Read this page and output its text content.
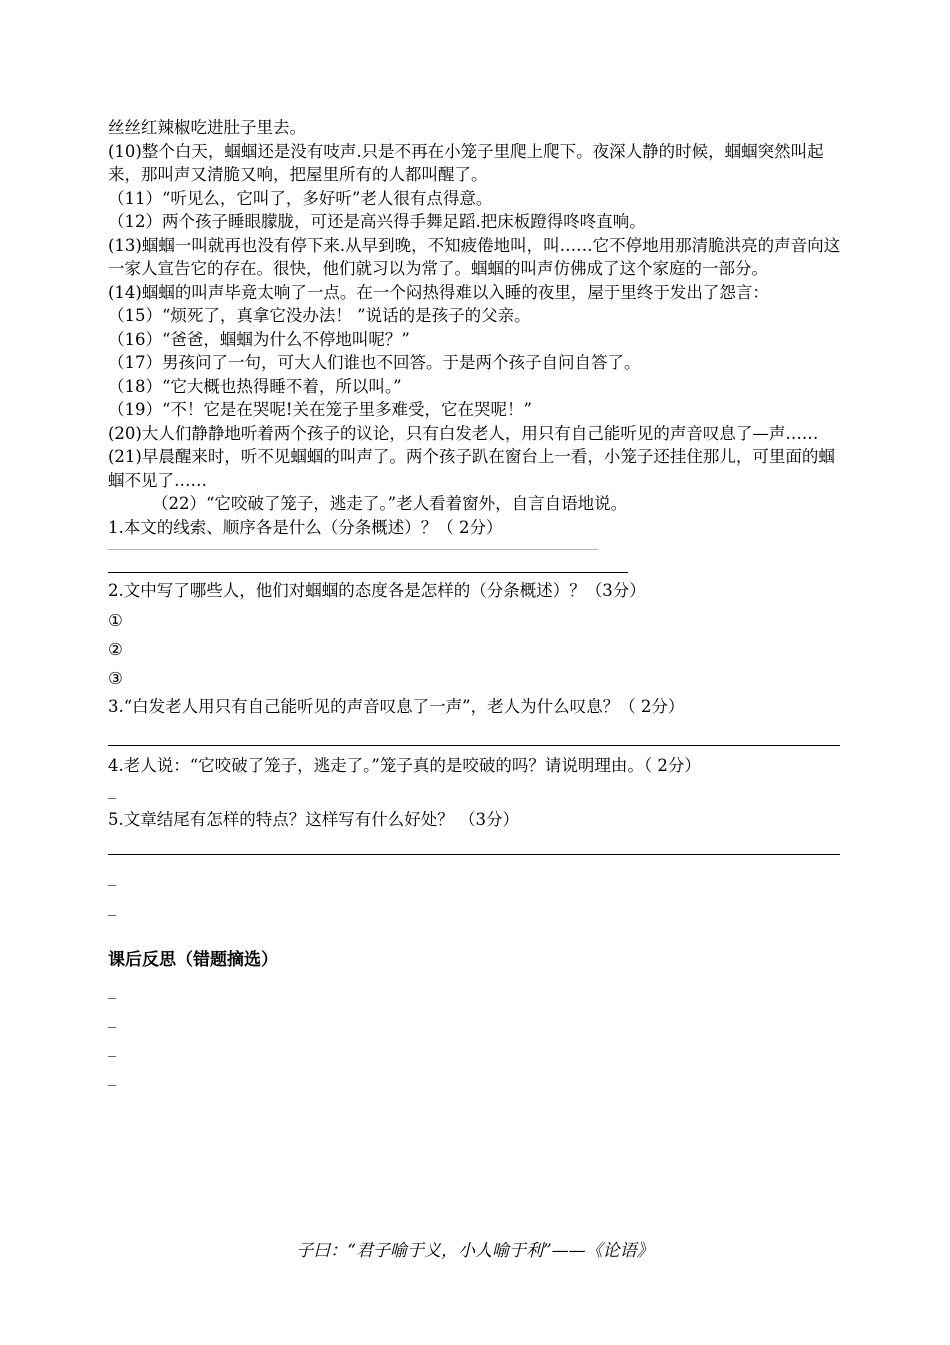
丝丝红辣椒吃进肚子里去。

(10)整个白天，蝈蝈还是没有吱声.只是不再在小笼子里爬上爬下。夜深人静的时候，蝈蝈突然叫起来，那叫声又清脆又响，把屋里所有的人都叫醒了。

（11）“听见么，它叫了，多好听”老人很有点得意。

（12）两个孩子睡眼朦胧，可还是高兴得手舞足蹈.把床板蹬得咚咚直响。

(13)蝈蝈一叫就再也没有停下来.从早到晚，不知疲倦地叫，叫……它不停地用那清脆洪亮的声音向这一家人宣告它的存在。很快，他们就习以为常了。蝈蝈的叫声仿佛成了这个家庭的一部分。

(14)蝈蝈的叫声毕竟太响了一点。在一个闷热得难以入睡的夜里，屋于里终于发出了怨言：

（15）“烦死了，真拿它没办法！ ”说话的是孩子的父亲。

（16）“爸爸，蝈蝈为什么不停地叫呢？”

（17）男孩问了一句，可大人们谁也不回答。于是两个孩子自问自答了。

（18）“它大概也热得睡不着，所以叫。”

（19）“不！它是在哭呢!关在笼子里多难受，它在哭呢！”

(20)大人们静静地听着两个孩子的议论，只有白发老人，用只有自己能听见的声音叹息了—声……

(21)早晨醒来时，听不见蝈蝈的叫声了。两个孩子趴在窗台上一看，小笼子还挂住那儿，可里面的蝈蝈不见了……

（22）“它咬破了笼子，逃走了。”老人看着窗外，自言自语地说。

1.本文的线索、顺序各是什么（分条概述）？（ 2分）

2.文中写了哪些人，他们对蝈蝈的态度各是怎样的（分条概述）？（3分）

①

②

③

3.“白发老人用只有自己能听见的声音叹息了一声”，老人为什么叹息？（ 2分）

4.老人说：“它咬破了笼子，逃走了。”笼子真的是咬破的吗？请说明理由。（ 2分）

_

5.文章结尾有怎样的特点？这样写有什么好处？ （3分）

_

_

课后反思（错题摘选）

_

_

_

_

子曰：“君子喻于义，小人喻于利”——《论语》
